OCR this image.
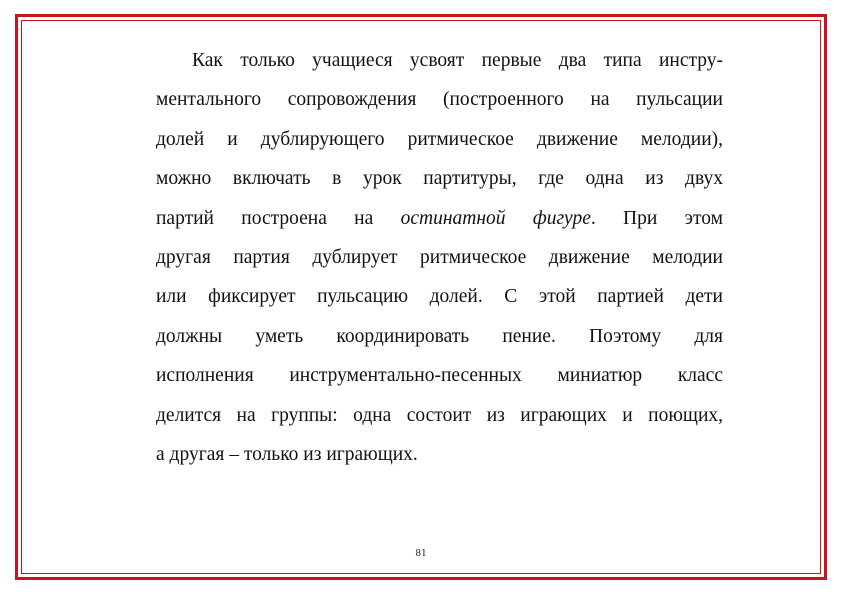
Как только учащиеся усвоят первые два типа инстру-
ментального сопровождения (построенного на пульсации
долей и дублирующего ритмическое движение мелодии),
можно включать в урок партитуры, где одна из двух
партий построена на остинатной фигуре. При этом
другая партия дублирует ритмическое движение мелодии
или фиксирует пульсацию долей. С этой партией дети
должны уметь координировать пение. Поэтому для
исполнения инструментально-песенных миниатюр класс
делится на группы: одна состоит из играющих и поющих,
а другая – только из играющих.
81
